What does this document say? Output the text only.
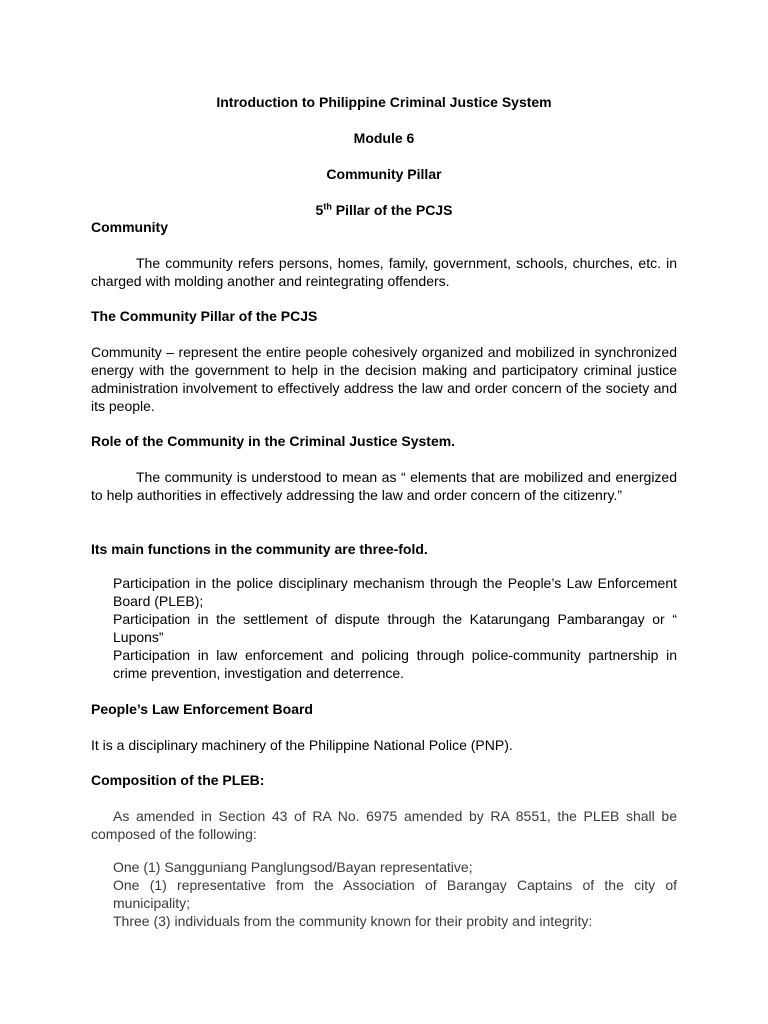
Introduction to Philippine Criminal Justice System
Module 6
Community Pillar
5th Pillar of the PCJS
Community
The community refers persons, homes, family, government, schools, churches, etc. in charged with molding another and reintegrating offenders.
The Community Pillar of the PCJS
Community – represent the entire people cohesively organized and mobilized in synchronized energy with the government to help in the decision making and participatory criminal justice administration involvement to effectively address the law and order concern of the society and its people.
Role of the Community in the Criminal Justice System.
The community is understood to mean as “ elements that are mobilized and energized to help authorities in effectively addressing the law and order concern of the citizenry.”
Its main functions in the community are three-fold.
Participation in the police disciplinary mechanism through the People’s Law Enforcement Board (PLEB);
Participation in the settlement of dispute through the Katarungang Pambarangay or “ Lupons”
Participation in law enforcement and policing through police-community partnership in crime prevention, investigation and deterrence.
People’s Law Enforcement Board
It is a disciplinary machinery of the Philippine National Police (PNP).
Composition of the PLEB:
As amended in Section 43 of RA No. 6975 amended by RA 8551, the PLEB shall be composed of the following:
One (1) Sangguniang Panglungsod/Bayan representative;
One (1) representative from the Association of Barangay Captains of the city of municipality;
Three (3) individuals from the community known for their probity and integrity:
